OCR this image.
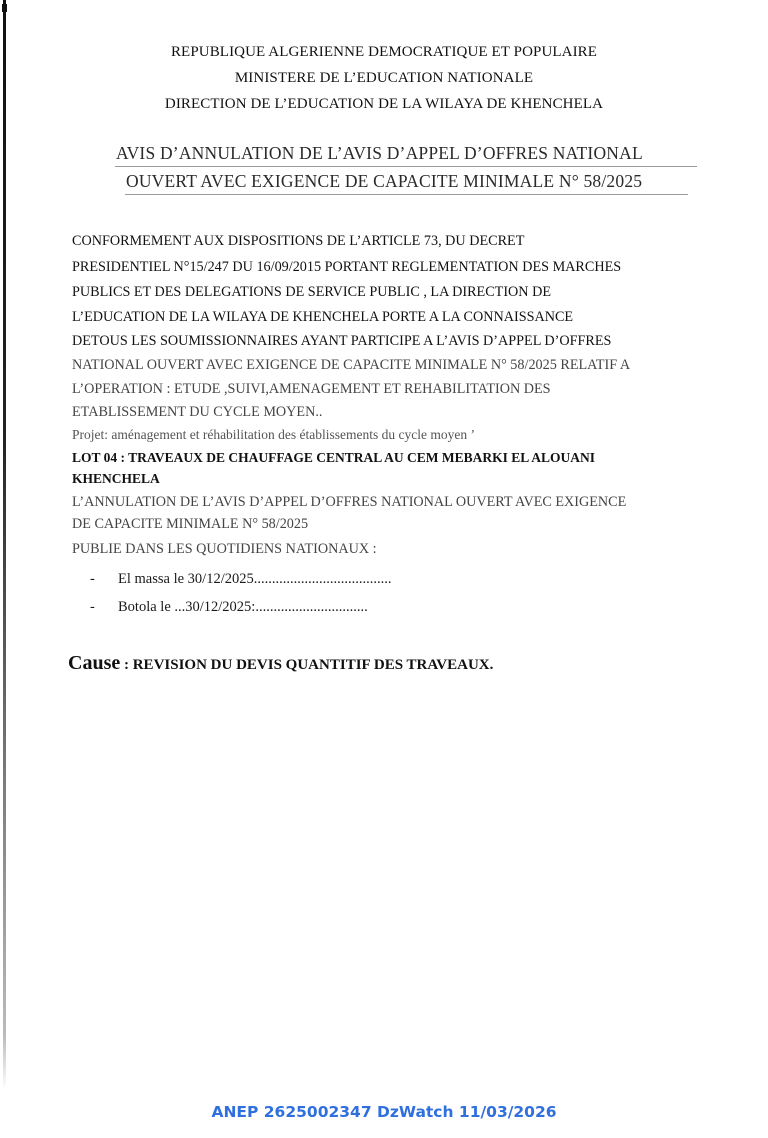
REPUBLIQUE ALGERIENNE DEMOCRATIQUE ET POPULAIRE
MINISTERE DE L’EDUCATION NATIONALE
DIRECTION DE L’EDUCATION DE LA WILAYA DE KHENCHELA
AVIS D’ANNULATION DE L’AVIS D’APPEL D’OFFRES NATIONAL
OUVERT AVEC EXIGENCE DE CAPACITE MINIMALE N° 58/2025
CONFORMEMENT AUX DISPOSITIONS DE L’ARTICLE 73, DU DECRET
PRESIDENTIEL N°15/247 DU 16/09/2015 PORTANT REGLEMENTATION DES MARCHES
PUBLICS ET DES DELEGATIONS DE SERVICE PUBLIC , LA DIRECTION DE
L’EDUCATION DE LA WILAYA DE KHENCHELA PORTE A LA CONNAISSANCE
DETOUS LES SOUMISSIONNAIRES AYANT PARTICIPE A L’AVIS D’APPEL D’OFFRES
NATIONAL OUVERT AVEC EXIGENCE DE CAPACITE MINIMALE N° 58/2025 RELATIF A
L’OPERATION : ETUDE ,SUIVI,AMENAGEMENT ET REHABILITATION DES
ETABLISSEMENT DU CYCLE MOYEN..
Projet: aménagement et réhabilitation des établissements du cycle moyen ʼ
LOT 04 : TRAVEAUX DE CHAUFFAGE CENTRAL AU CEM MEBARKI EL ALOUANI
KHENCHELA
L’ANNULATION DE L’AVIS D’APPEL D’OFFRES NATIONAL OUVERT AVEC EXIGENCE
DE CAPACITE MINIMALE N° 58/2025
PUBLIE DANS LES QUOTIDIENS NATIONAUX :
- El massa le 30/12/2025......................................
- Botola le ...30/12/2025:...............................
Cause : REVISION DU DEVIS QUANTITIF DES TRAVEAUX.
ANEP 2625002347 DzWatch 11/03/2026
